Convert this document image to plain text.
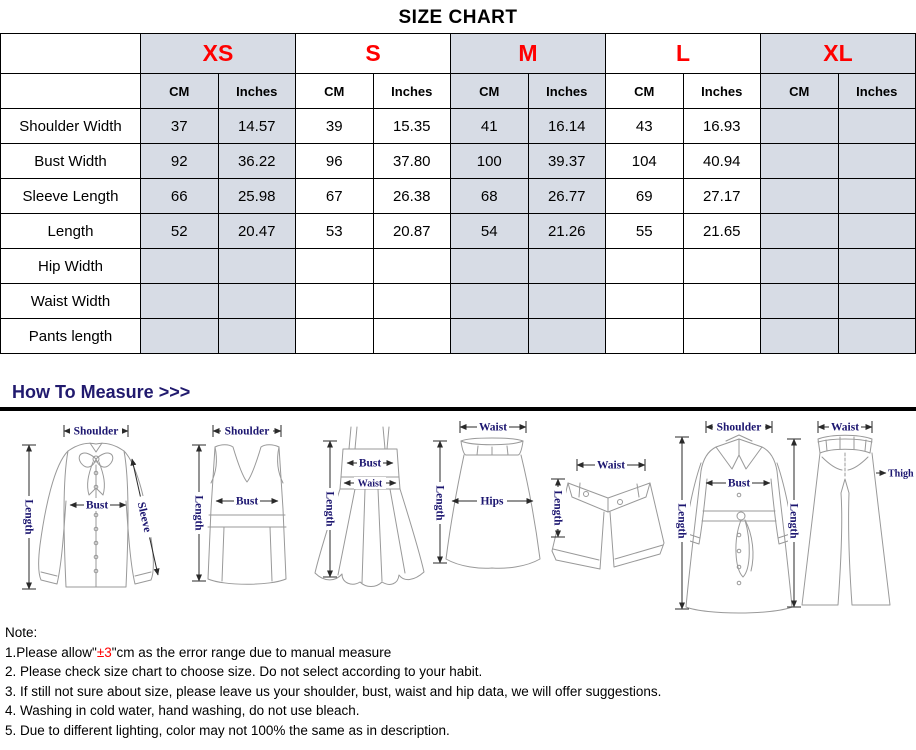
SIZE CHART
	XS		S		M		L		XL	
	CM	Inches	CM	Inches	CM	Inches	CM	Inches	CM	Inches
Shoulder Width	37	14.57	39	15.35	41	16.14	43	16.93		
Bust Width	92	36.22	96	37.80	100	39.37	104	40.94		
Sleeve Length	66	25.98	67	26.38	68	26.77	69	27.17		
Length	52	20.47	53	20.87	54	21.26	55	21.65		
Hip Width										
Waist Width										
Pants length										
How To Measure >>>
Shoulder
Length	Bust Sleeve
Shoulder
Length	Bust
Bust
Waist
Length
Waist
Hips
Length
Waist
Length
Shoulder
Length
Bust
Waist
Length
Thigh
Note:
1.Please allow"±3"cm as the error range due to manual measure
2. Please check size chart to choose size. Do not select according to your habit.
3. If still not sure about size, please leave us your shoulder, bust, waist and hip data, we will offer suggestions.
4. Washing in cold water, hand washing, do not use bleach.
5. Due to different lighting, color may not 100% the same as in description.
